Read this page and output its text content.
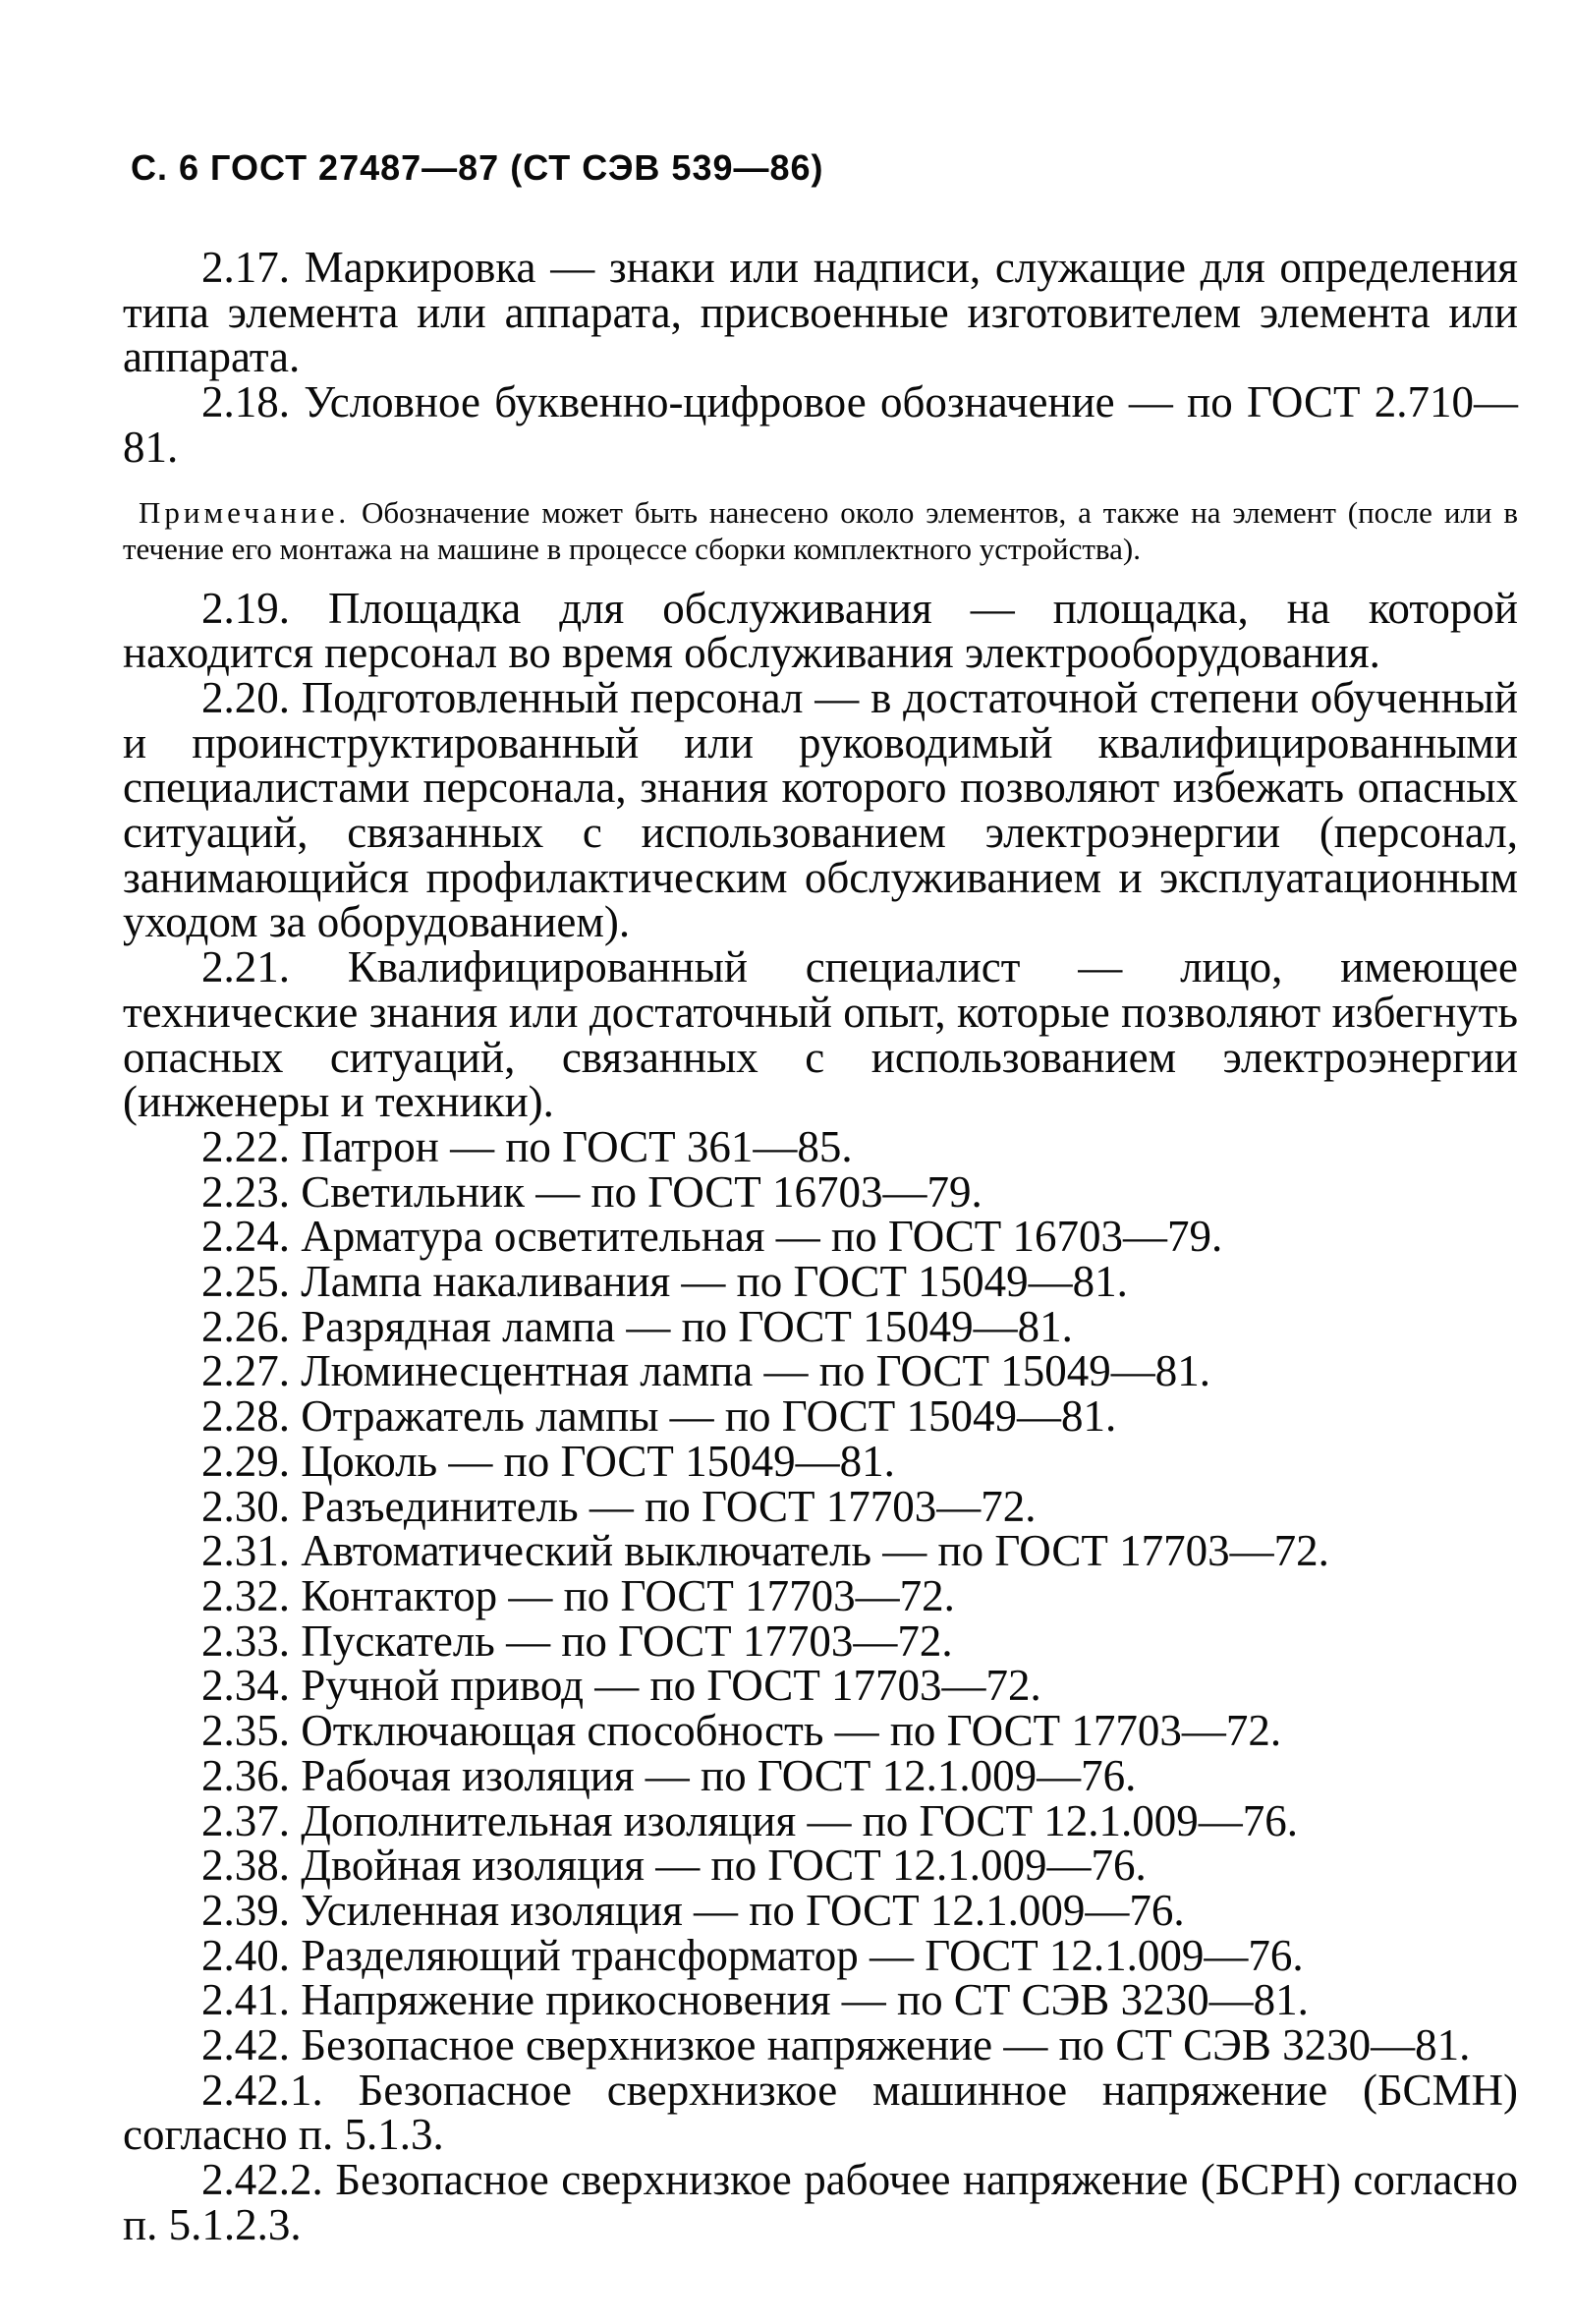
С. 6 ГОСТ 27487—87 (СТ СЭВ 539—86)

2.17. Маркировка — знаки или надписи, служащие для определения типа элемента или аппарата, присвоенные изготовителем элемента или аппарата.

2.18. Условное буквенно-цифровое обозначение — по ГОСТ 2.710—81.

Примечание. Обозначение может быть нанесено около элементов, а также на элемент (после или в течение его монтажа на машине в процессе сборки комплектного устройства).

2.19. Площадка для обслуживания — площадка, на которой находится персонал во время обслуживания электрооборудования.

2.20. Подготовленный персонал — в достаточной степени обученный и проинструктированный или руководимый квалифицированными специалистами персонала, знания которого позволяют избежать опасных ситуаций, связанных с использованием электроэнергии (персонал, занимающийся профилактическим обслуживанием и эксплуатационным уходом за оборудованием).

2.21. Квалифицированный специалист — лицо, имеющее технические знания или достаточный опыт, которые позволяют избегнуть опасных ситуаций, связанных с использованием электроэнергии (инженеры и техники).

2.22. Патрон — по ГОСТ 361—85.

2.23. Светильник — по ГОСТ 16703—79.

2.24. Арматура осветительная — по ГОСТ 16703—79.

2.25. Лампа накаливания — по ГОСТ 15049—81.

2.26. Разрядная лампа — по ГОСТ 15049—81.

2.27. Люминесцентная лампа — по ГОСТ 15049—81.

2.28. Отражатель лампы — по ГОСТ 15049—81.

2.29. Цоколь — по ГОСТ 15049—81.

2.30. Разъединитель — по ГОСТ 17703—72.

2.31. Автоматический выключатель — по ГОСТ 17703—72.

2.32. Контактор — по ГОСТ 17703—72.

2.33. Пускатель — по ГОСТ 17703—72.

2.34. Ручной привод — по ГОСТ 17703—72.

2.35. Отключающая способность — по ГОСТ 17703—72.

2.36. Рабочая изоляция — по ГОСТ 12.1.009—76.

2.37. Дополнительная изоляция — по ГОСТ 12.1.009—76.

2.38. Двойная изоляция — по ГОСТ 12.1.009—76.

2.39. Усиленная изоляция — по ГОСТ 12.1.009—76.

2.40. Разделяющий трансформатор — ГОСТ 12.1.009—76.

2.41. Напряжение прикосновения — по СТ СЭВ 3230—81.

2.42. Безопасное сверхнизкое напряжение — по СТ СЭВ 3230—81.

2.42.1. Безопасное сверхнизкое машинное напряжение (БСМН) согласно п. 5.1.3.

2.42.2. Безопасное сверхнизкое рабочее напряжение (БСРН) согласно п. 5.1.2.3.
